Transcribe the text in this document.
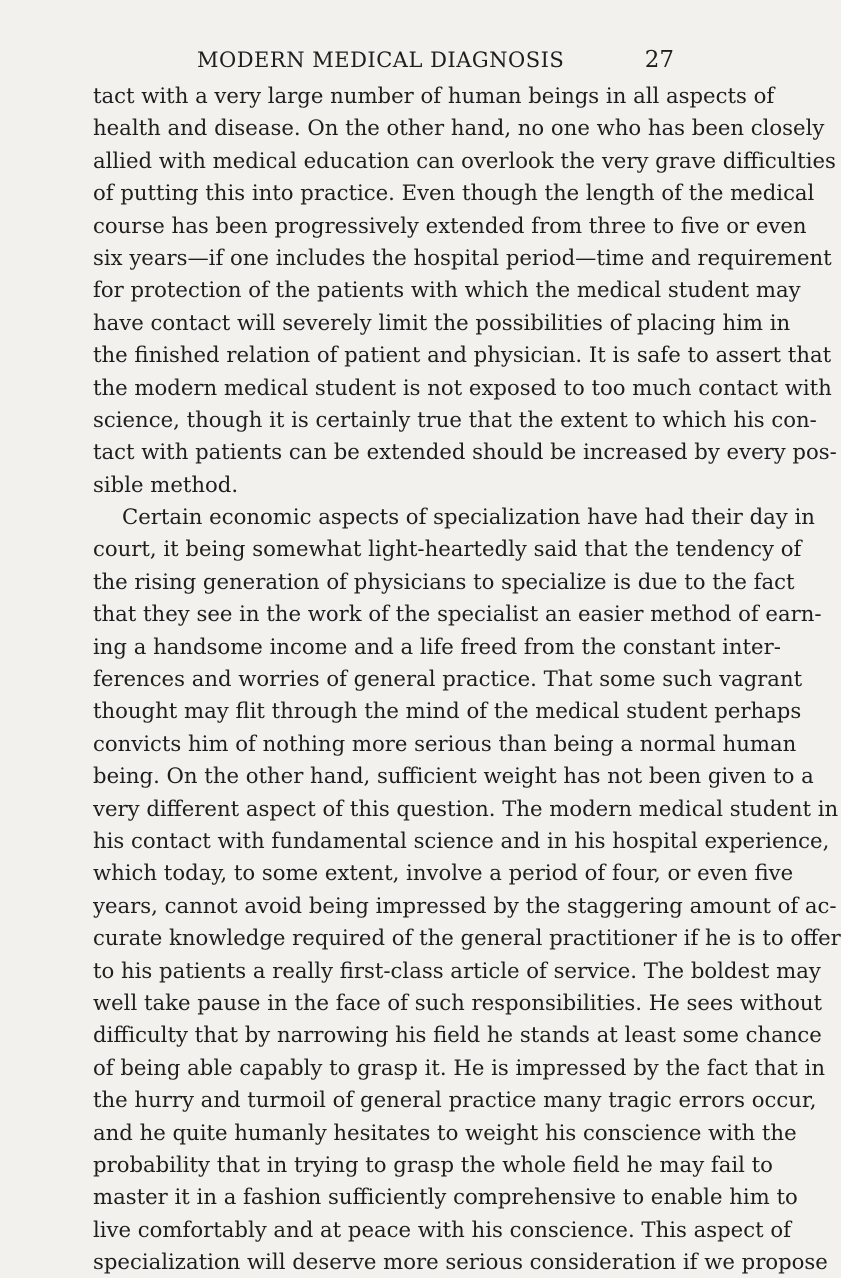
MODERN MEDICAL DIAGNOSIS	27
tact with a very large number of human beings in all aspects of
health and disease. On the other hand, no one who has been closely
allied with medical education can overlook the very grave difficulties
of putting this into practice. Even though the length of the medical
course has been progressively extended from three to five or even
six years—if one includes the hospital period—time and requirement
for protection of the patients with which the medical student may
have contact will severely limit the possibilities of placing him in
the finished relation of patient and physician. It is safe to assert that
the modern medical student is not exposed to too much contact with
science, though it is certainly true that the extent to which his con-
tact with patients can be extended should be increased by every pos-
sible method.
Certain economic aspects of specialization have had their day in
court, it being somewhat light-heartedly said that the tendency of
the rising generation of physicians to specialize is due to the fact
that they see in the work of the specialist an easier method of earn-
ing a handsome income and a life freed from the constant inter-
ferences and worries of general practice. That some such vagrant
thought may flit through the mind of the medical student perhaps
convicts him of nothing more serious than being a normal human
being. On the other hand, sufficient weight has not been given to a
very different aspect of this question. The modern medical student in
his contact with fundamental science and in his hospital experience,
which today, to some extent, involve a period of four, or even five
years, cannot avoid being impressed by the staggering amount of ac-
curate knowledge required of the general practitioner if he is to offer
to his patients a really first-class article of service. The boldest may
well take pause in the face of such responsibilities. He sees without
difficulty that by narrowing his field he stands at least some chance
of being able capably to grasp it. He is impressed by the fact that in
the hurry and turmoil of general practice many tragic errors occur,
and he quite humanly hesitates to weight his conscience with the
probability that in trying to grasp the whole field he may fail to
master it in a fashion sufficiently comprehensive to enable him to
live comfortably and at peace with his conscience. This aspect of
specialization will deserve more serious consideration if we propose
